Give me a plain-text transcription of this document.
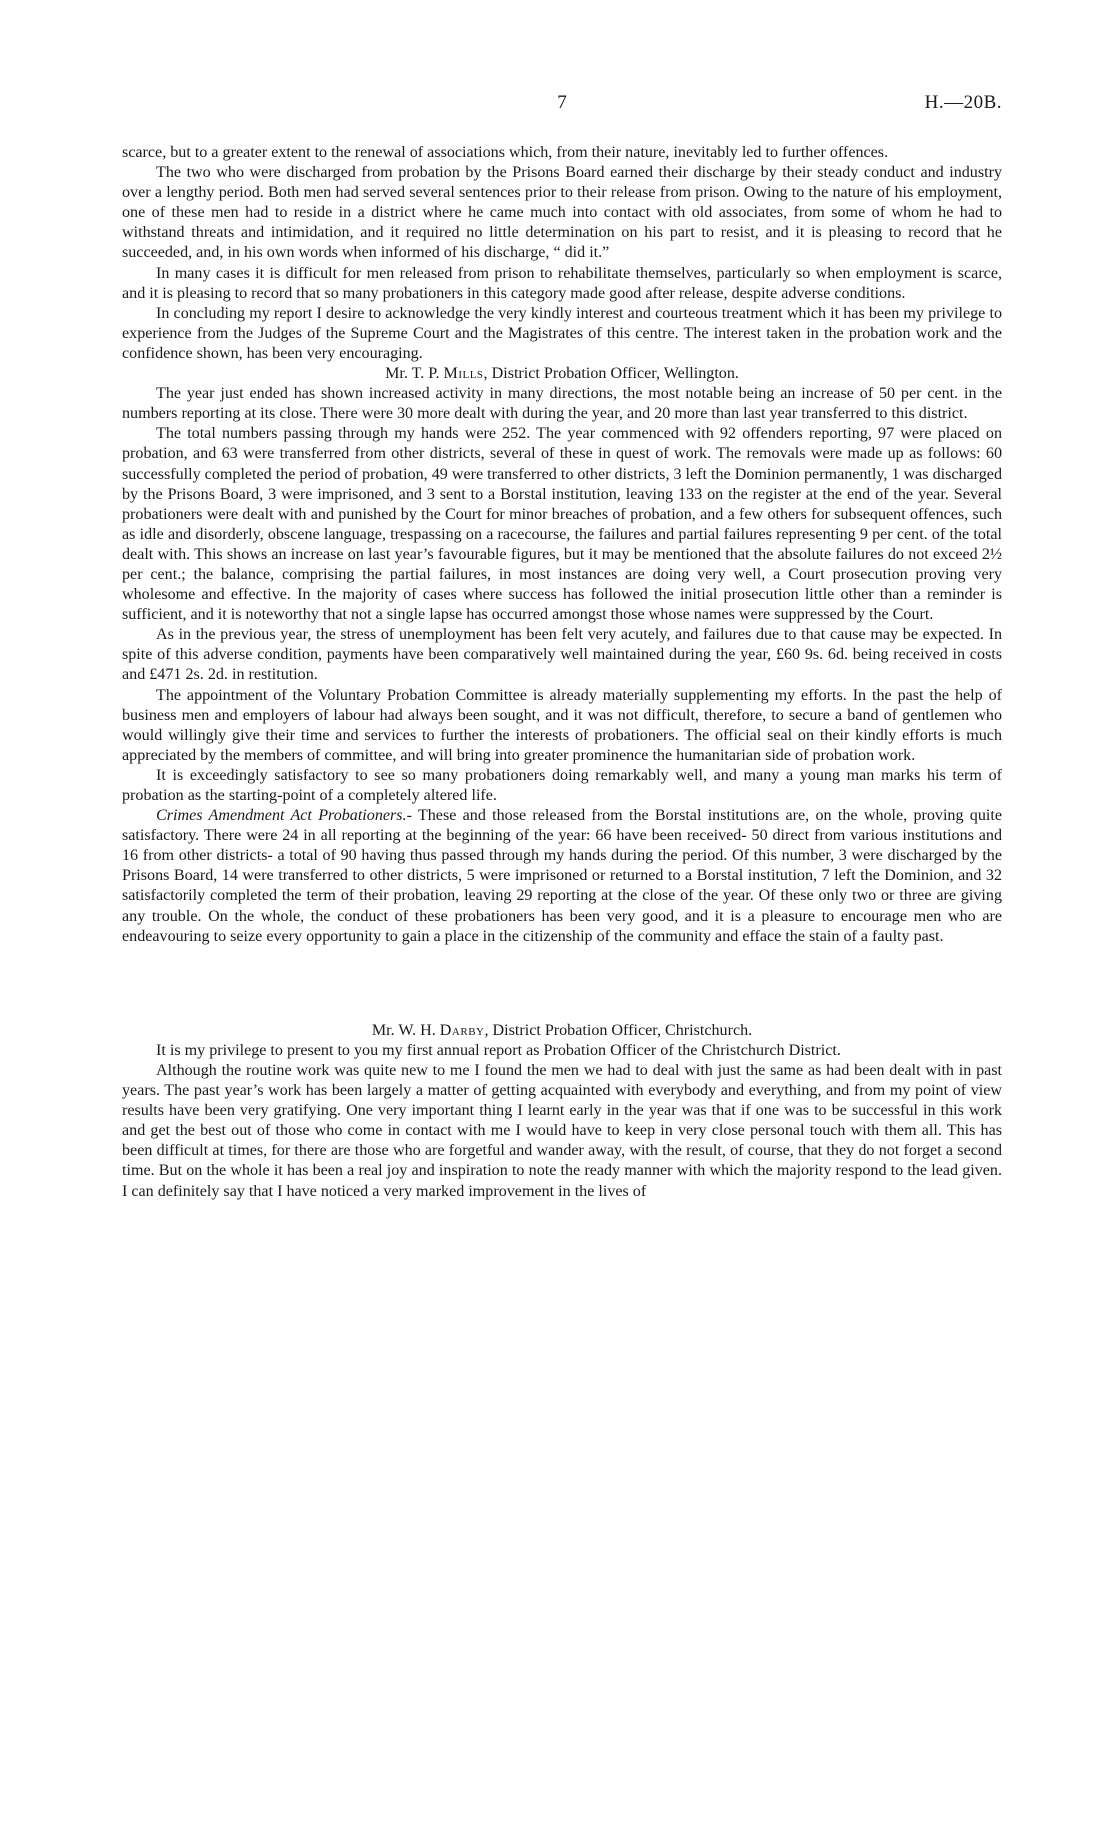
7	H.—20B.

scarce, but to a greater extent to the renewal of associations which, from their nature, inevitably led to further offences.

The two who were discharged from probation by the Prisons Board earned their discharge by their steady conduct and industry over a lengthy period. Both men had served several sentences prior to their release from prison. Owing to the nature of his employment, one of these men had to reside in a district where he came much into contact with old associates, from some of whom he had to withstand threats and intimidation, and it required no little determination on his part to resist, and it is pleasing to record that he succeeded, and, in his own words when informed of his discharge, “ did it.”

In many cases it is difficult for men released from prison to rehabilitate themselves, particularly so when employment is scarce, and it is pleasing to record that so many probationers in this category made good after release, despite adverse conditions.

In concluding my report I desire to acknowledge the very kindly interest and courteous treatment which it has been my privilege to experience from the Judges of the Supreme Court and the Magistrates of this centre. The interest taken in the probation work and the confidence shown, has been very encouraging.

Mr. T. P. Mills, District Probation Officer, Wellington.

The year just ended has shown increased activity in many directions, the most notable being an increase of 50 per cent. in the numbers reporting at its close. There were 30 more dealt with during the year, and 20 more than last year transferred to this district.

The total numbers passing through my hands were 252. The year commenced with 92 offenders reporting, 97 were placed on probation, and 63 were transferred from other districts, several of these in quest of work. The removals were made up as follows: 60 successfully completed the period of probation, 49 were transferred to other districts, 3 left the Dominion permanently, 1 was discharged by the Prisons Board, 3 were imprisoned, and 3 sent to a Borstal institution, leaving 133 on the register at the end of the year. Several probationers were dealt with and punished by the Court for minor breaches of probation, and a few others for subsequent offences, such as idle and disorderly, obscene language, trespassing on a racecourse, the failures and partial failures representing 9 per cent. of the total dealt with. This shows an increase on last year’s favourable figures, but it may be mentioned that the absolute failures do not exceed 2½ per cent.; the balance, comprising the partial failures, in most instances are doing very well, a Court prosecution proving very wholesome and effective. In the majority of cases where success has followed the initial prosecution little other than a reminder is sufficient, and it is noteworthy that not a single lapse has occurred amongst those whose names were suppressed by the Court.

As in the previous year, the stress of unemployment has been felt very acutely, and failures due to that cause may be expected. In spite of this adverse condition, payments have been comparatively well maintained during the year, £60 9s. 6d. being received in costs and £471 2s. 2d. in restitution.

The appointment of the Voluntary Probation Committee is already materially supplementing my efforts. In the past the help of business men and employers of labour had always been sought, and it was not difficult, therefore, to secure a band of gentlemen who would willingly give their time and services to further the interests of probationers. The official seal on their kindly efforts is much appreciated by the members of committee, and will bring into greater prominence the humanitarian side of probation work.

It is exceedingly satisfactory to see so many probationers doing remarkably well, and many a young man marks his term of probation as the starting-point of a completely altered life.

Crimes Amendment Act Probationers.- These and those released from the Borstal institutions are, on the whole, proving quite satisfactory. There were 24 in all reporting at the beginning of the year: 66 have been received- 50 direct from various institutions and 16 from other districts- a total of 90 having thus passed through my hands during the period. Of this number, 3 were discharged by the Prisons Board, 14 were transferred to other districts, 5 were imprisoned or returned to a Borstal institution, 7 left the Dominion, and 32 satisfactorily completed the term of their probation, leaving 29 reporting at the close of the year. Of these only two or three are giving any trouble. On the whole, the conduct of these probationers has been very good, and it is a pleasure to encourage men who are endeavouring to seize every opportunity to gain a place in the citizenship of the community and efface the stain of a faulty past.

Mr. W. H. Darby, District Probation Officer, Christchurch.

It is my privilege to present to you my first annual report as Probation Officer of the Christchurch District.

Although the routine work was quite new to me I found the men we had to deal with just the same as had been dealt with in past years. The past year’s work has been largely a matter of getting acquainted with everybody and everything, and from my point of view results have been very gratifying. One very important thing I learnt early in the year was that if one was to be successful in this work and get the best out of those who come in contact with me I would have to keep in very close personal touch with them all. This has been difficult at times, for there are those who are forgetful and wander away, with the result, of course, that they do not forget a second time. But on the whole it has been a real joy and inspiration to note the ready manner with which the majority respond to the lead given. I can definitely say that I have noticed a very marked improvement in the lives of
